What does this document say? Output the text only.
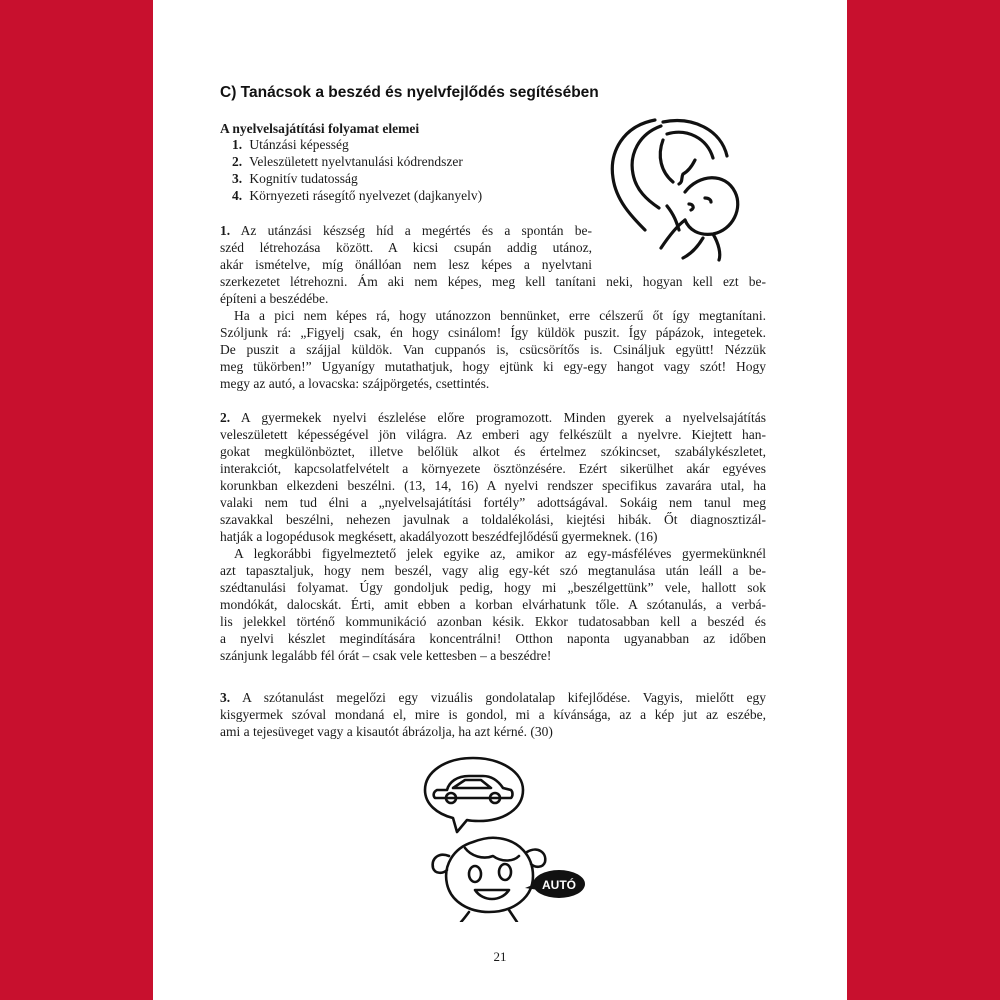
C) Tanácsok a beszéd és nyelvfejlődés segítésében
A nyelvelsajátítási folyamat elemei
1. Utánzási képesség
2. Veleszületett nyelvtanulási kódrendszer
3. Kognitív tudatosság
4. Környezeti rásegítő nyelvezet (dajkanyelv)
1. Az utánzási készség híd a megértés és a spontán be-
széd létrehozása között. A kicsi csupán addig utánoz,
akár ismételve, míg önállóan nem lesz képes a nyelvtani
szerkezetet létrehozni. Ám aki nem képes, meg kell tanítani neki, hogyan kell ezt be-
építeni a beszédébe.
Ha a pici nem képes rá, hogy utánozzon bennünket, erre célszerű őt így megtanítani.
Szóljunk rá: „Figyelj csak, én hogy csinálom! Így küldök puszit. Így pápázok, integetek.
De puszit a szájjal küldök. Van cuppanós is, csücsörítős is. Csináljuk együtt! Nézzük
meg tükörben!” Ugyanígy mutathatjuk, hogy ejtünk ki egy-egy hangot vagy szót! Hogy
megy az autó, a lovacska: szájpörgetés, csettintés.
2. A gyermekek nyelvi észlelése előre programozott. Minden gyerek a nyelvelsajátítás
veleszületett képességével jön világra. Az emberi agy felkészült a nyelvre. Kiejtett han-
gokat megkülönböztet, illetve belőlük alkot és értelmez szókincset, szabálykészletet,
interakciót, kapcsolatfelvételt a környezete ösztönzésére. Ezért sikerülhet akár egyéves
korunkban elkezdeni beszélni. (13, 14, 16) A nyelvi rendszer specifikus zavarára utal, ha
valaki nem tud élni a „nyelvelsajátítási fortély” adottságával. Sokáig nem tanul meg
szavakkal beszélni, nehezen javulnak a toldalékolási, kiejtési hibák. Őt diagnosztizál-
hatják a logopédusok megkésett, akadályozott beszédfejlődésű gyermeknek. (16)
A legkorábbi figyelmeztető jelek egyike az, amikor az egy-másféléves gyermekünknél
azt tapasztaljuk, hogy nem beszél, vagy alig egy-két szó megtanulása után leáll a be-
szédtanulási folyamat. Úgy gondoljuk pedig, hogy mi „beszélgettünk” vele, hallott sok
mondókát, dalocskát. Érti, amit ebben a korban elvárhatunk tőle. A szótanulás, a verbá-
lis jelekkel történő kommunikáció azonban késik. Ekkor tudatosabban kell a beszéd és
a nyelvi készlet megindítására koncentrálni! Otthon naponta ugyanabban az időben
szánjunk legalább fél órát – csak vele kettesben – a beszédre!
3. A szótanulást megelőzi egy vizuális gondolatalap kifejlődése. Vagyis, mielőtt egy
kisgyermek szóval mondaná el, mire is gondol, mi a kívánsága, az a kép jut az eszébe,
ami a tejesüveget vagy a kisautót ábrázolja, ha azt kérné. (30)
AUTÓ
21
